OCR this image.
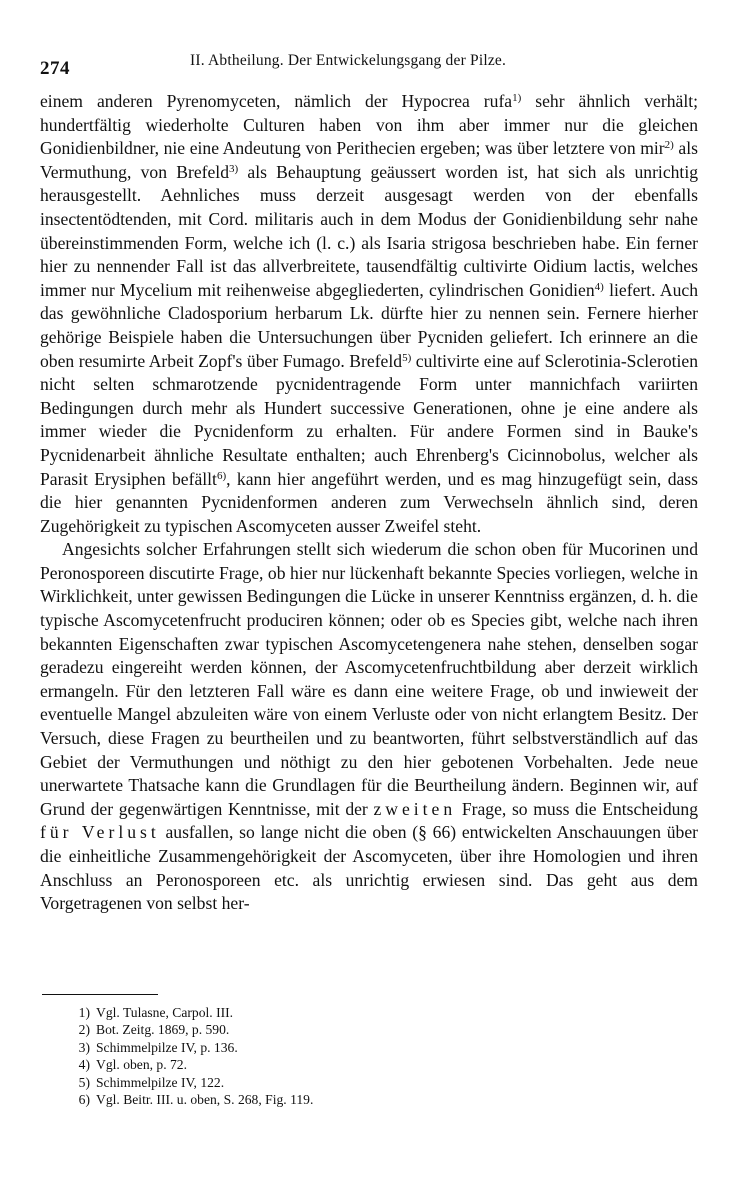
274	II. Abtheilung. Der Entwickelungsgang der Pilze.

einem anderen Pyrenomyceten, nämlich der Hypocrea rufa$^{1)}$ sehr ähnlich verhält; hundertfältig wiederholte Culturen haben von ihm aber immer nur die gleichen Gonidienbildner, nie eine Andeutung von Perithecien ergeben; was über letztere von mir$^{2)}$ als Vermuthung, von Brefeld$^{3)}$ als Behauptung geäussert worden ist, hat sich als unrichtig herausgestellt. Aehnliches muss derzeit ausgesagt werden von der ebenfalls insectentödtenden, mit Cord. militaris auch in dem Modus der Gonidienbildung sehr nahe übereinstimmenden Form, welche ich (l. c.) als Isaria strigosa beschrieben habe. Ein ferner hier zu nennender Fall ist das allverbreitete, tausendfältig cultivirte Oidium lactis, welches immer nur Mycelium mit reihenweise abgegliederten, cylindrischen Gonidien$^{4)}$ liefert. Auch das gewöhnliche Cladosporium herbarum Lk. dürfte hier zu nennen sein. Fernere hierher gehörige Beispiele haben die Untersuchungen über Pycniden geliefert. Ich erinnere an die oben resumirte Arbeit Zopf's über Fumago. Brefeld$^{5)}$ cultivirte eine auf Sclerotinia-Sclerotien nicht selten schmarotzende pycnidentragende Form unter mannichfach variirten Bedingungen durch mehr als Hundert successive Generationen, ohne je eine andere als immer wieder die Pycnidenform zu erhalten. Für andere Formen sind in Bauke's Pycnidenarbeit ähnliche Resultate enthalten; auch Ehrenberg's Cicinnobolus, welcher als Parasit Erysiphen befällt$^{6)}$, kann hier angeführt werden, und es mag hinzugefügt sein, dass die hier genannten Pycnidenformen anderen zum Verwechseln ähnlich sind, deren Zugehörigkeit zu typischen Ascomyceten ausser Zweifel steht.

Angesichts solcher Erfahrungen stellt sich wiederum die schon oben für Mucorinen und Peronosporeen discutirte Frage, ob hier nur lückenhaft bekannte Species vorliegen, welche in Wirklichkeit, unter gewissen Bedingungen die Lücke in unserer Kenntniss ergänzen, d. h. die typische Ascomycetenfrucht produciren können; oder ob es Species gibt, welche nach ihren bekannten Eigenschaften zwar typischen Ascomycetengenera nahe stehen, denselben sogar geradezu eingereiht werden können, der Ascomycetenfruchtbildung aber derzeit wirklich ermangeln. Für den letzteren Fall wäre es dann eine weitere Frage, ob und inwieweit der eventuelle Mangel abzuleiten wäre von einem Verluste oder von nicht erlangtem Besitz. Der Versuch, diese Fragen zu beurtheilen und zu beantworten, führt selbstverständlich auf das Gebiet der Vermuthungen und nöthigt zu den hier gebotenen Vorbehalten. Jede neue unerwartete Thatsache kann die Grundlagen für die Beurtheilung ändern. Beginnen wir, auf Grund der gegenwärtigen Kenntnisse, mit der zweiten Frage, so muss die Entscheidung für Verlust ausfallen, so lange nicht die oben (§ 66) entwickelten Anschauungen über die einheitliche Zusammengehörigkeit der Ascomyceten, über ihre Homologien und ihren Anschluss an Peronosporeen etc. als unrichtig erwiesen sind. Das geht aus dem Vorgetragenen von selbst her-

1) Vgl. Tulasne, Carpol. III.
2) Bot. Zeitg. 1869, p. 590.
3) Schimmelpilze IV, p. 136.
4) Vgl. oben, p. 72.
5) Schimmelpilze IV, 122.
6) Vgl. Beitr. III. u. oben, S. 268, Fig. 119.
